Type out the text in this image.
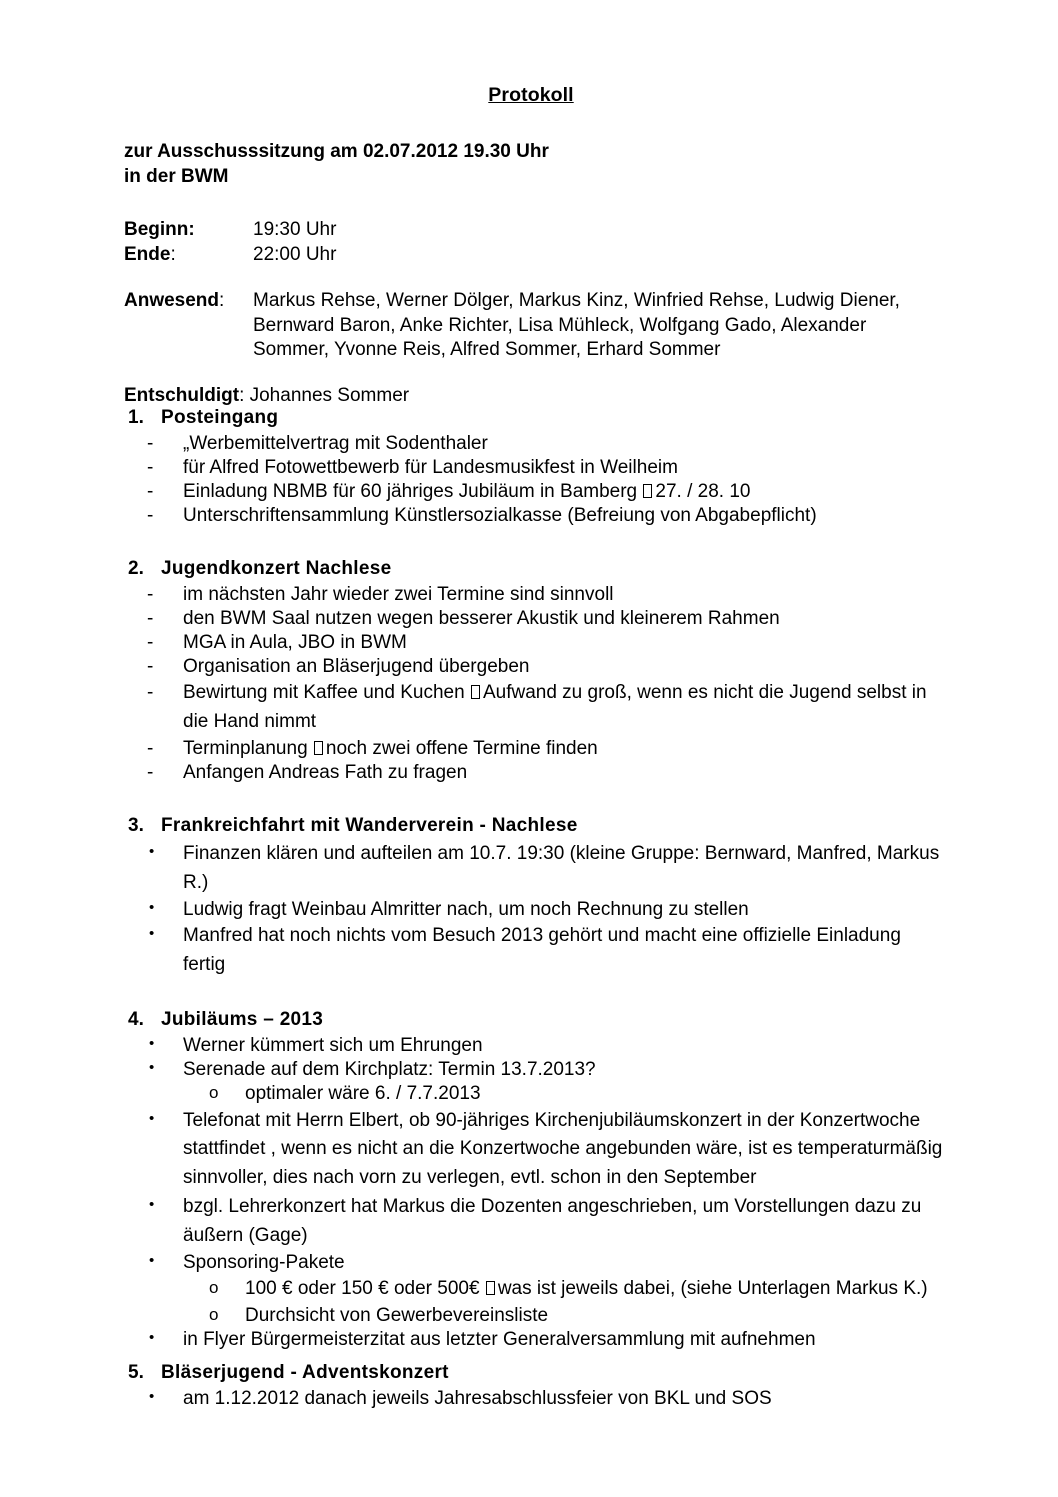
Protokoll
zur Ausschusssitzung am 02.07.2012 19.30 Uhr
in der BWM
Beginn:	19:30 Uhr
Ende:	22:00 Uhr
Anwesend:	Markus Rehse, Werner Dölger, Markus Kinz, Winfried Rehse, Ludwig Diener, Bernward Baron, Anke Richter, Lisa Mühleck, Wolfgang Gado, Alexander Sommer, Yvonne Reis, Alfred Sommer, Erhard Sommer
Entschuldigt: Johannes Sommer
1. Posteingang
- „Werbemittelvertrag mit Sodenthaler
- für Alfred Fotowettbewerb für Landesmusikfest in Weilheim
- Einladung NBMB für 60 jähriges Jubiläum in Bamberg 27. / 28. 10
- Unterschriftensammlung Künstlersozialkasse (Befreiung von Abgabepflicht)
2. Jugendkonzert Nachlese
- im nächsten Jahr wieder zwei Termine sind sinnvoll
- den BWM Saal nutzen wegen besserer Akustik und kleinerem Rahmen
- MGA in Aula, JBO in BWM
- Organisation an Bläserjugend übergeben
- Bewirtung mit Kaffee und Kuchen Aufwand zu groß, wenn es nicht die Jugend selbst in die Hand nimmt
- Terminplanung noch zwei offene Termine finden
- Anfangen Andreas Fath zu fragen
3. Frankreichfahrt mit Wanderverein - Nachlese
• Finanzen klären und aufteilen am 10.7. 19:30 (kleine Gruppe: Bernward, Manfred, Markus R.)
• Ludwig fragt Weinbau Almritter nach, um noch Rechnung zu stellen
• Manfred hat noch nichts vom Besuch 2013 gehört und macht eine offizielle Einladung fertig
4. Jubiläums – 2013
• Werner kümmert sich um Ehrungen
• Serenade auf dem Kirchplatz: Termin 13.7.2013?
o optimaler wäre 6. / 7.7.2013
• Telefonat mit Herrn Elbert, ob 90-jähriges Kirchenjubiläumskonzert in der Konzertwoche stattfindet , wenn es nicht an die Konzertwoche angebunden wäre, ist es temperaturmäßig sinnvoller, dies nach vorn zu verlegen, evtl. schon in den September
• bzgl. Lehrerkonzert hat Markus die Dozenten angeschrieben, um Vorstellungen dazu zu äußern (Gage)
• Sponsoring-Pakete
o 100 € oder 150 € oder 500€ was ist jeweils dabei, (siehe Unterlagen Markus K.)
o Durchsicht von Gewerbevereinsliste
• in Flyer Bürgermeisterzitat aus letzter Generalversammlung mit aufnehmen
5. Bläserjugend - Adventskonzert
• am 1.12.2012 danach jeweils Jahresabschlussfeier von BKL und SOS
